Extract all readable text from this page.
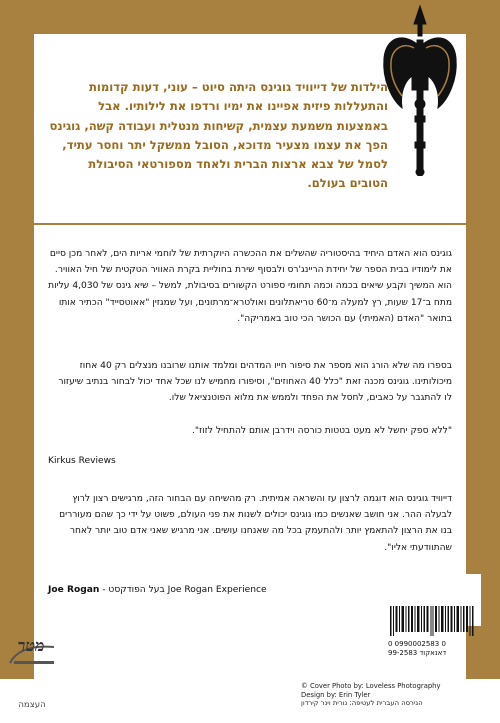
הילדות של דייוויד גוגינס היתה סיוט – עוני, דעות קדומות והתעללות פיזית אפיינו את ימיו ורדפו את לילותיו. אבל באמצעות משמעת עצמית, קשיחות מנטלית ועבודה קשה, גוגינס הפך את עצמו מצעיר מדוכא, הסובל ממשקל יתר וחסר עתיד, לסמל של צבא ארצות הברית ולאחד מספורטאי הסיבולת הטובים בעולם.

גוגינס הוא האדם היחיד בהיסטוריה שהשלים את ההכשרה היוקרתית של לוחמי אריות הים, לאחר מכן סיים את לימודיו בבית הספר של יחידת הריינג'רס ולבסוף שירת בחוליית בקרת האוויר הטקטית של חיל האוויר. הוא המשיך וקבע שיאים בכמה וכמה תחומי ספורט הקשורים בסיבולת, למשל – שיא גינס של 4,030 עליות מתח ב־17 שעות, רץ למעלה מ־60 טריאתלונים ואולטרא־מרתונים, ועל שמגזין "אאוטסייד" הכתיר אותו בתואר "האדם (האמיתי) עם הכושר הכי טוב באמריקה".

בספרו מה שלא הורג הוא מספר את סיפור חייו המדהים ומלמד אותנו שרובנו מנצלים רק 40 אחוז מיכולותינו. גוגינס מכנה זאת "כלל 40 האחוזים", וסיפורו מחמיש לנו שכל אחד יכול לבחור בנתיב שיעזור לו להתגבר על כאבים, לחסל את הפחד ולממש את מלוא הפוטנציאל שלו.

"ללא ספק יחשל לא מעט בטטות כורסה וידרבן אותם להתחיל לזוז".

Kirkus Reviews

דייוויד גוגינס הוא דוגמה לרצון עז והשראה אמיתית. רק מהשיחה עם הבחור הזה, מרגישים רצון לרוץ לבעלה ההר. אני חושב שאנשים כמו גוגינס יכולים לשנות את פני העולם, פשוט על ידי כך שהם מעוררים בנו את הרצון להתאמץ יותר ולהתעמק בכל מה שאנחנו עושים. אני מרגיש שאני אדם טוב יותר לאחר שהתוודעתי אליו".

Joe Rogan - בעל הפודקסט Joe Rogan Experience
מטר
העצמה
0 0990002583 0
99-2583 דאנאקוד
© Cover Photo by: Loveless Photography
Design by: Erin Tyler
הגירסה העברית לעטיפה: נורית וינר קירדון
